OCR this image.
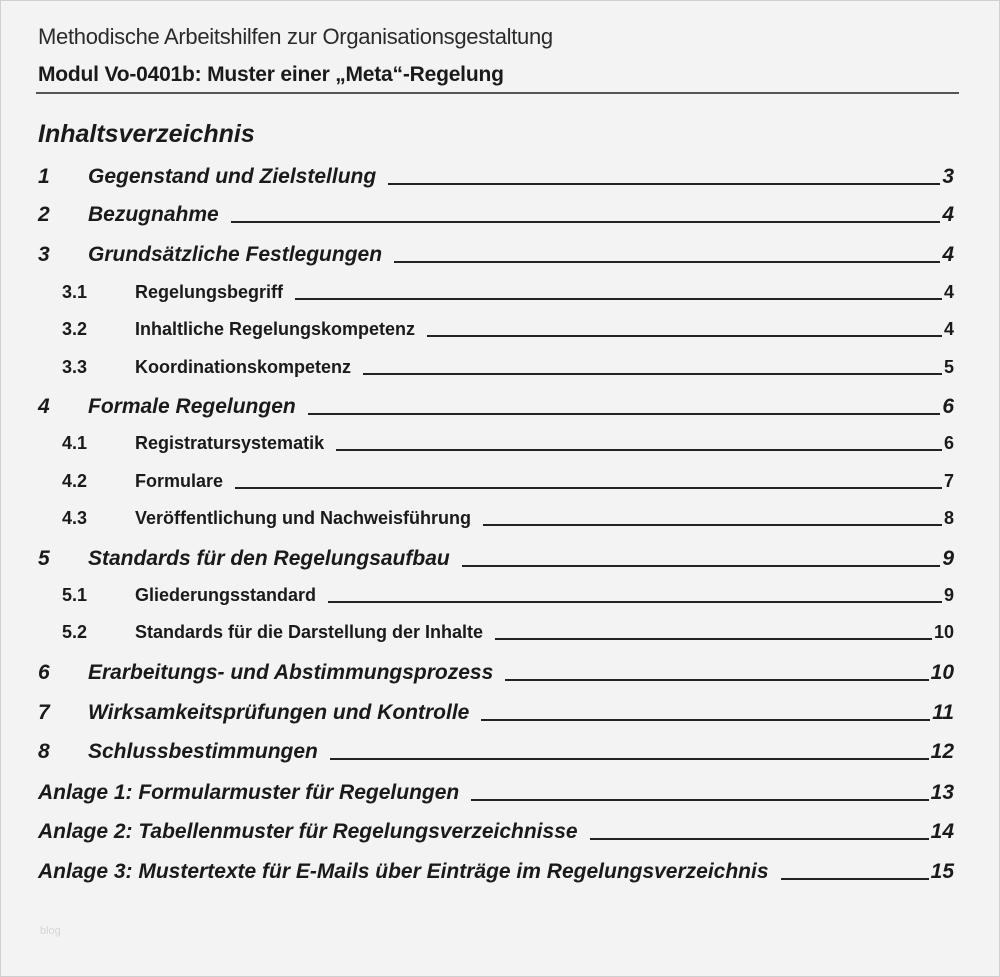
Methodische Arbeitshilfen zur Organisationsgestaltung
Modul Vo-0401b: Muster einer „Meta“-Regelung
Inhaltsverzeichnis
1	Gegenstand und Zielstellung	3
2	Bezugnahme	4
3	Grundsätzliche Festlegungen	4
3.1	Regelungsbegriff	4
3.2	Inhaltliche Regelungskompetenz	4
3.3	Koordinationskompetenz	5
4	Formale Regelungen	6
4.1	Registratursystematik	6
4.2	Formulare	7
4.3	Veröffentlichung und Nachweisführung	8
5	Standards für den Regelungsaufbau	9
5.1	Gliederungsstandard	9
5.2	Standards für die Darstellung der Inhalte	10
6	Erarbeitungs- und Abstimmungsprozess	10
7	Wirksamkeitsprüfungen und Kontrolle	11
8	Schlussbestimmungen	12
Anlage 1: Formularmuster für Regelungen	13
Anlage 2: Tabellenmuster für Regelungsverzeichnisse	14
Anlage 3: Mustertexte für E-Mails über Einträge im Regelungsverzeichnis	15
blog
